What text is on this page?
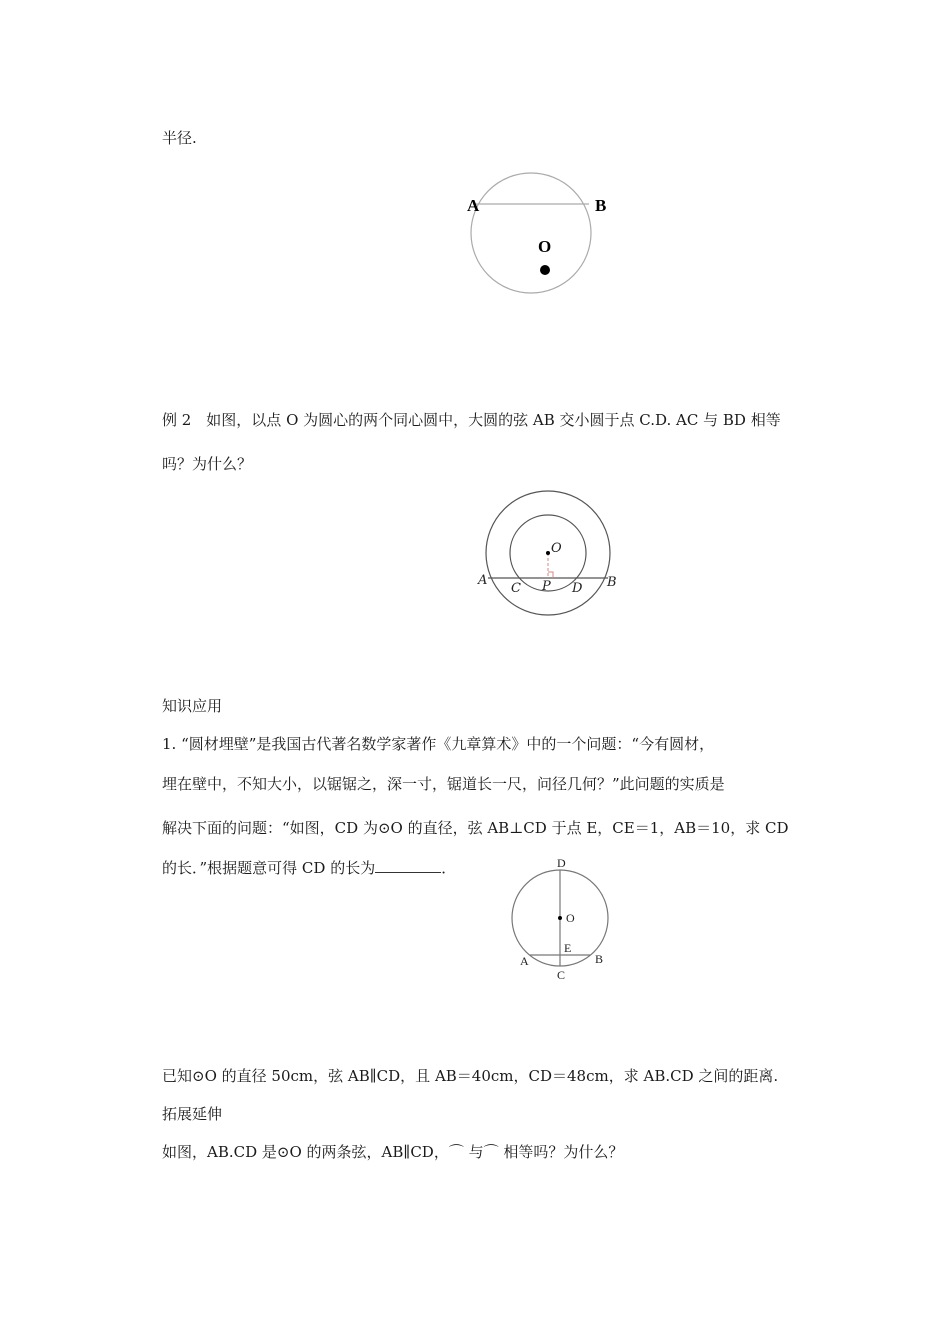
半径.
A	B
O
例 2　如图，以点 O 为圆心的两个同心圆中，大圆的弦 AB 交小圆于点 C.D. AC 与 BD 相等
吗？为什么？
O
A
C P D B
知识应用
1. “圆材埋壁”是我国古代著名数学家著作《九章算术》中的一个问题：“今有圆材，
埋在壁中，不知大小，以锯锯之，深一寸，锯道长一尺，问径几何？”此问题的实质是
解决下面的问题：“如图，CD 为⊙O 的直径，弦 AB⊥CD 于点 E，CE＝1，AB＝10，求 CD
的长．”根据题意可得 CD 的长为	．	D
O
E
A	B
C
已知⊙O 的直径 50cm，弦 AB∥CD，且 AB＝40cm，CD＝48cm，求 AB.CD 之间的距离.
拓展延伸
如图，AB.CD 是⊙O 的两条弦，AB∥CD，⌒ 与⌒ 相等吗？为什么？
